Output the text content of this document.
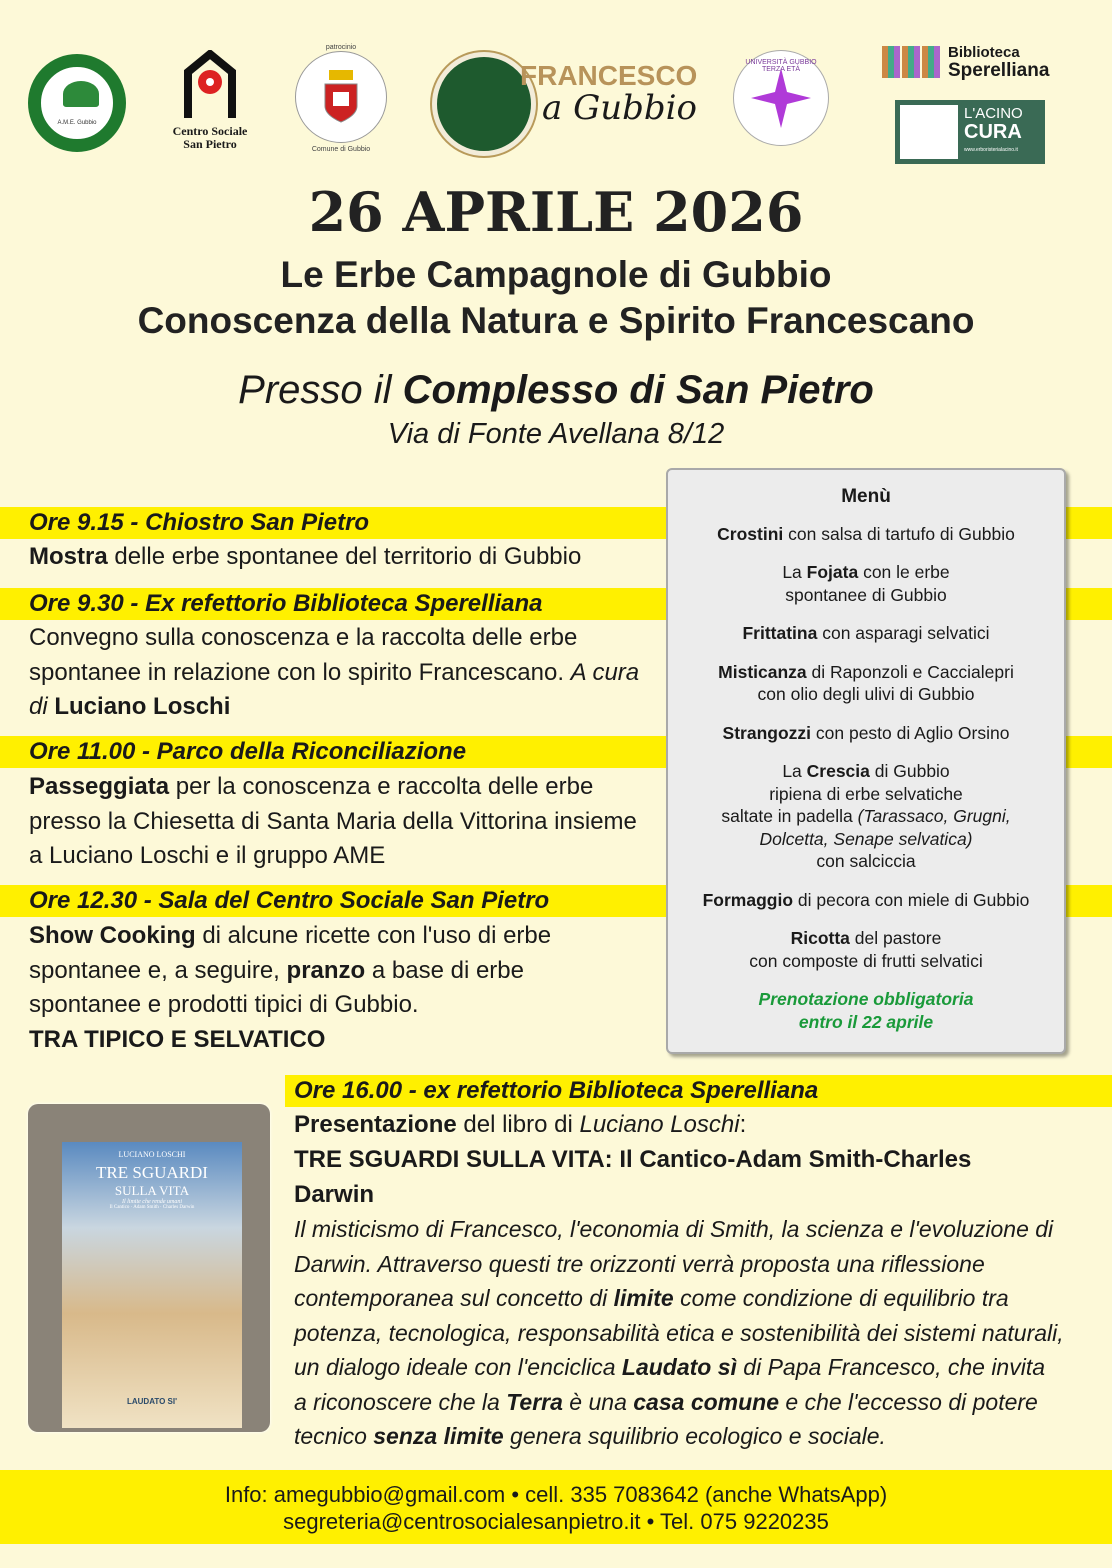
A.M.E. Gubbio
Centro Sociale
San Pietro
patrocinio
Comune di Gubbio
FRANCESCO
a Gubbio
UNIVERSITÀ GUBBIO TERZA ETÀ
Biblioteca
Sperelliana
L'ACINO
CURA
www.erboristerialacino.it
26 APRILE 2026
Le Erbe Campagnole di Gubbio
Conoscenza della Natura e Spirito Francescano
Presso il Complesso di San Pietro
Via di Fonte Avellana 8/12
Ore 9.15 - Chiostro San Pietro
Mostra delle erbe spontanee del territorio di Gubbio
Ore 9.30 - Ex refettorio Biblioteca Sperelliana
Convegno sulla conoscenza e la raccolta delle erbe spontanee in relazione con lo spirito Francescano. A cura di Luciano Loschi
Ore 11.00 - Parco della Riconciliazione
Passeggiata per la conoscenza e raccolta delle erbe presso la Chiesetta di Santa Maria della Vittorina insieme a Luciano Loschi e il gruppo AME
Ore 12.30 - Sala del Centro Sociale San Pietro
Show Cooking di alcune ricette con l'uso di erbe spontanee e, a seguire, pranzo a base di erbe spontanee e prodotti tipici di Gubbio.
TRA TIPICO E SELVATICO
Menù
Crostini con salsa di tartufo di Gubbio
La Fojata con le erbe
spontanee di Gubbio
Frittatina con asparagi selvatici
Misticanza di Raponzoli e Caccialepri
con olio degli ulivi di Gubbio
Strangozzi con pesto di Aglio Orsino
La Crescia di Gubbio
ripiena di erbe selvatiche
saltate in padella (Tarassaco, Grugni,
Dolcetta, Senape selvatica)
con salciccia
Formaggio di pecora con miele di Gubbio
Ricotta del pastore
con composte di frutti selvatici
Prenotazione obbligatoria
entro il 22 aprile
LUCIANO LOSCHI
TRE SGUARDI
SULLA VITA
Il limite che rende umani
Il Cantico · Adam Smith · Charles Darwin
LAUDATO SI'
Ore 16.00 - ex refettorio Biblioteca Sperelliana
Presentazione del libro di Luciano Loschi:
TRE SGUARDI SULLA VITA: Il Cantico-Adam Smith-Charles Darwin
Il misticismo di Francesco, l'economia di Smith, la scienza e l'evoluzione di Darwin. Attraverso questi tre orizzonti verrà proposta una riflessione contemporanea sul concetto di limite come condizione di equilibrio tra potenza, tecnologica, responsabilità etica e sostenibilità dei sistemi naturali, un dialogo ideale con l'enciclica Laudato sì di Papa Francesco, che invita a riconoscere che la Terra è una casa comune e che l'eccesso di potere tecnico senza limite genera squilibrio ecologico e sociale.
Info: amegubbio@gmail.com • cell. 335 7083642 (anche WhatsApp)
segreteria@centrosocialesanpietro.it • Tel. 075 9220235
